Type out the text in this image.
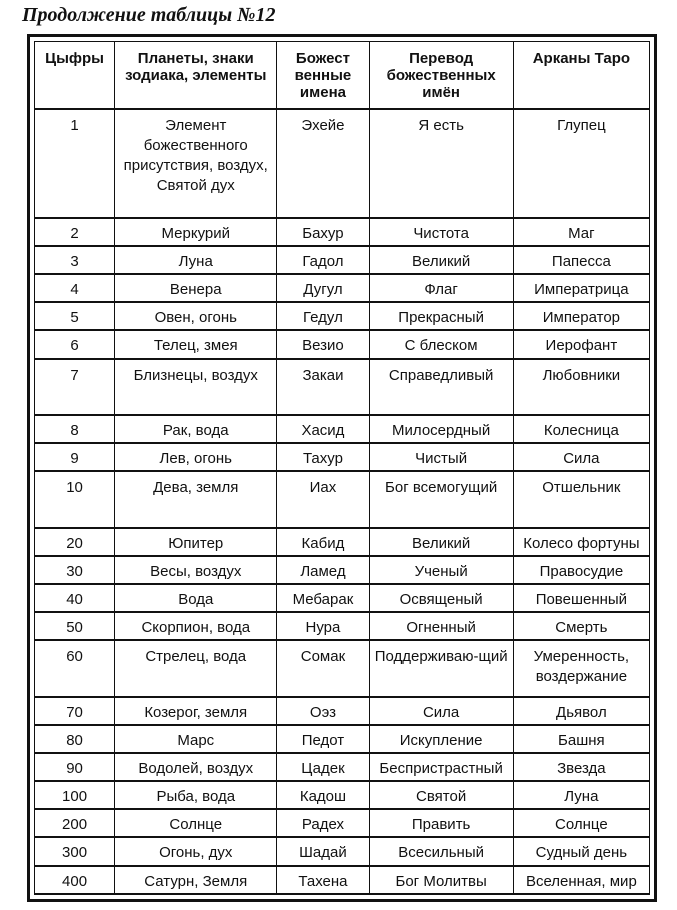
Продолжение таблицы №12
Цыфры	Планеты, знаки зодиака, элементы	Божест венные имена	Перевод божественных имён	Арканы Таро
1	Элемент божественного присутствия, воздух, Святой дух	Эхейе	Я есть	Глупец
2	Меркурий	Бахур	Чистота	Маг
3	Луна	Гадол	Великий	Папесса
4	Венера	Дугул	Флаг	Императрица
5	Овен, огонь	Гедул	Прекрасный	Император
6	Телец, змея	Везио	С блеском	Иерофант
7	Близнецы, воздух	Закаи	Справедливый	Любовники
8	Рак, вода	Хасид	Милосердный	Колесница
9	Лев, огонь	Тахур	Чистый	Сила
10	Дева, земля	Иах	Бог всемогущий	Отшельник
20	Юпитер	Кабид	Великий	Колесо фортуны
30	Весы, воздух	Ламед	Ученый	Правосудие
40	Вода	Мебарак	Освященый	Повешенный
50	Скорпион, вода	Нура	Огненный	Смерть
60	Стрелец, вода	Сомак	Поддерживаю-щий	Умеренность, воздержание
70	Козерог, земля	Оэз	Сила	Дьявол
80	Марс	Педот	Искупление	Башня
90	Водолей, воздух	Цадек	Беспристрастный	Звезда
100	Рыба, вода	Кадош	Святой	Луна
200	Солнце	Радех	Править	Солнце
300	Огонь, дух	Шадай	Всесильный	Судный день
400	Сатурн, Земля	Тахена	Бог Молитвы	Вселенная, мир
